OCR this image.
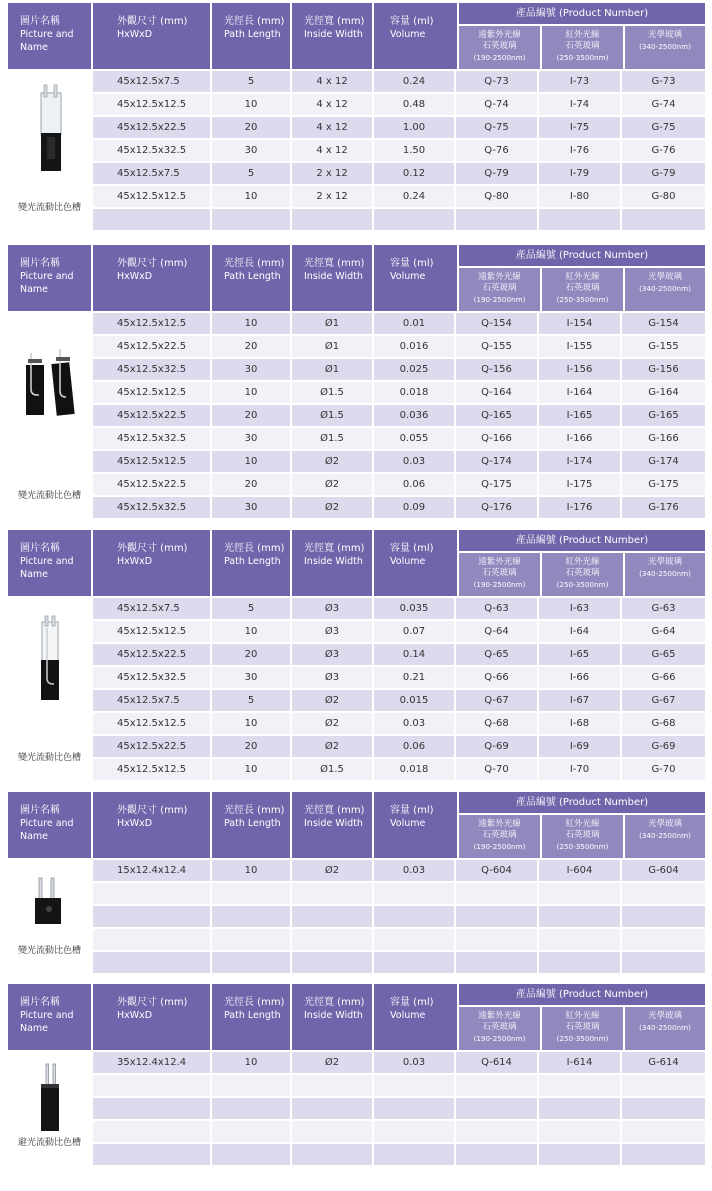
圖片名稱
Picture and
Name
外觀尺寸 (mm)
HxWxD
光徑長 (mm)
Path Length
光徑寬 (mm)
Inside Width
容量 (ml)
Volume
產品編號 (Product Number)
遠紫外光線
石英玻璃
(190-2500nm)
紅外光線
石英玻璃
(250-3500nm)
光學玻璃
(340-2500nm)
變光流動比色槽
45x12.5x7.5	5	4 x 12	0.24	Q-73	I-73	G-73
45x12.5x12.5	10	4 x 12	0.48	Q-74	I-74	G-74
45x12.5x22.5	20	4 x 12	1.00	Q-75	I-75	G-75
45x12.5x32.5	30	4 x 12	1.50	Q-76	I-76	G-76
45x12.5x7.5	5	2 x 12	0.12	Q-79	I-79	G-79
45x12.5x12.5	10	2 x 12	0.24	Q-80	I-80	G-80
圖片名稱
Picture and
Name
外觀尺寸 (mm)
HxWxD
光徑長 (mm)
Path Length
光徑寬 (mm)
Inside Width
容量 (ml)
Volume
產品編號 (Product Number)
遠紫外光線
石英玻璃
(190-2500nm)
紅外光線
石英玻璃
(250-3500nm)
光學玻璃
(340-2500nm)
變光流動比色槽
45x12.5x12.5	10	Ø1	0.01	Q-154	I-154	G-154
45x12.5x22.5	20	Ø1	0.016	Q-155	I-155	G-155
45x12.5x32.5	30	Ø1	0.025	Q-156	I-156	G-156
45x12.5x12.5	10	Ø1.5	0.018	Q-164	I-164	G-164
45x12.5x22.5	20	Ø1.5	0.036	Q-165	I-165	G-165
45x12.5x32.5	30	Ø1.5	0.055	Q-166	I-166	G-166
45x12.5x12.5	10	Ø2	0.03	Q-174	I-174	G-174
45x12.5x22.5	20	Ø2	0.06	Q-175	I-175	G-175
45x12.5x32.5	30	Ø2	0.09	Q-176	I-176	G-176
圖片名稱
Picture and
Name
外觀尺寸 (mm)
HxWxD
光徑長 (mm)
Path Length
光徑寬 (mm)
Inside Width
容量 (ml)
Volume
產品編號 (Product Number)
遠紫外光線
石英玻璃
(190-2500nm)
紅外光線
石英玻璃
(250-3500nm)
光學玻璃
(340-2500nm)
變光流動比色槽
45x12.5x7.5	5	Ø3	0.035	Q-63	I-63	G-63
45x12.5x12.5	10	Ø3	0.07	Q-64	I-64	G-64
45x12.5x22.5	20	Ø3	0.14	Q-65	I-65	G-65
45x12.5x32.5	30	Ø3	0.21	Q-66	I-66	G-66
45x12.5x7.5	5	Ø2	0.015	Q-67	I-67	G-67
45x12.5x12.5	10	Ø2	0.03	Q-68	I-68	G-68
45x12.5x22.5	20	Ø2	0.06	Q-69	I-69	G-69
45x12.5x12.5	10	Ø1.5	0.018	Q-70	I-70	G-70
圖片名稱
Picture and
Name
外觀尺寸 (mm)
HxWxD
光徑長 (mm)
Path Length
光徑寬 (mm)
Inside Width
容量 (ml)
Volume
產品編號 (Product Number)
遠紫外光線
石英玻璃
(190-2500nm)
紅外光線
石英玻璃
(250-3500nm)
光學玻璃
(340-2500nm)
變光流動比色槽
15x12.4x12.4	10	Ø2	0.03	Q-604	I-604	G-604
圖片名稱
Picture and
Name
外觀尺寸 (mm)
HxWxD
光徑長 (mm)
Path Length
光徑寬 (mm)
Inside Width
容量 (ml)
Volume
產品編號 (Product Number)
遠紫外光線
石英玻璃
(190-2500nm)
紅外光線
石英玻璃
(250-3500nm)
光學玻璃
(340-2500nm)
避光流動比色槽
35x12.4x12.4	10	Ø2	0.03	Q-614	I-614	G-614
